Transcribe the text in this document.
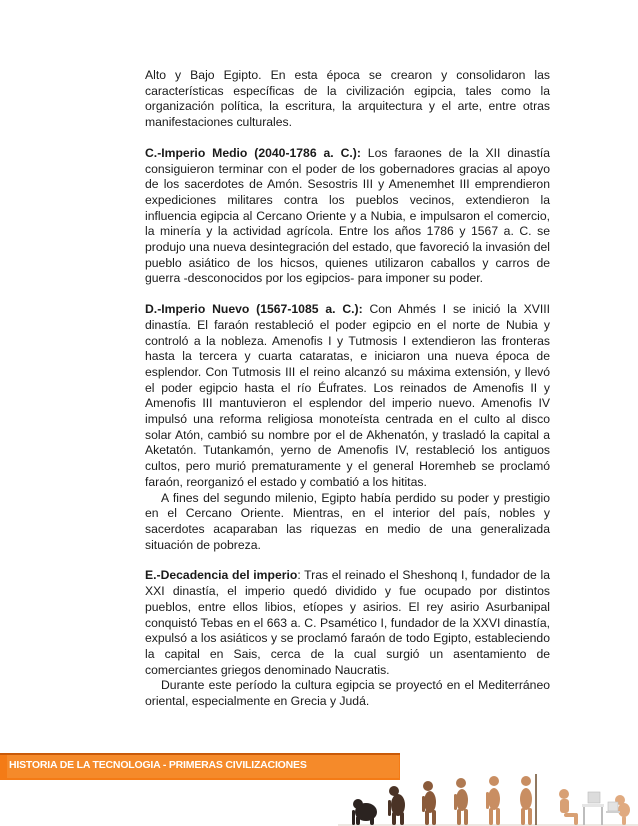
Alto y Bajo Egipto. En esta época se crearon y consolidaron las características específicas de la civilización egipcia, tales como la organización política, la escritura, la arquitectura y el arte, entre otras manifestaciones culturales.

C.-Imperio Medio (2040-1786 a. C.): Los faraones de la XII dinastía consiguieron terminar con el poder de los gobernadores gracias al apoyo de los sacerdotes de Amón. Sesostris III y Amenemhet III emprendieron expediciones militares contra los pueblos vecinos, extendieron la influencia egipcia al Cercano Oriente y a Nubia, e impulsaron el comercio, la minería y la actividad agrícola. Entre los años 1786 y 1567 a. C. se produjo una nueva desintegración del estado, que favoreció la invasión del pueblo asiático de los hicsos, quienes utilizaron caballos y carros de guerra -desconocidos por los egipcios- para imponer su poder.

D.-Imperio Nuevo (1567-1085 a. C.): Con Ahmés I se inició la XVIII dinastía. El faraón restableció el poder egipcio en el norte de Nubia y controló a la nobleza. Amenofis I y Tutmosis I extendieron las fronteras hasta la tercera y cuarta cataratas, e iniciaron una nueva época de esplendor. Con Tutmosis III el reino alcanzó su máxima extensión, y llevó el poder egipcio hasta el río Éufrates. Los reinados de Amenofis II y Amenofis III mantuvieron el esplendor del imperio nuevo. Amenofis IV impulsó una reforma religiosa monoteísta centrada en el culto al disco solar Atón, cambió su nombre por el de Akhenatón, y trasladó la capital a Aketatón. Tutankamón, yerno de Amenofis IV, restableció los antiguos cultos, pero murió prematuramente y el general Horemheb se proclamó faraón, reorganizó el estado y combatió a los hititas.

A fines del segundo milenio, Egipto había perdido su poder y prestigio en el Cercano Oriente. Mientras, en el interior del país, nobles y sacerdotes acaparaban las riquezas en medio de una generalizada situación de pobreza.

E.-Decadencia del imperio: Tras el reinado el Sheshonq I, fundador de la XXI dinastía, el imperio quedó dividido y fue ocupado por distintos pueblos, entre ellos libios, etíopes y asirios. El rey asirio Asurbanipal conquistó Tebas en el 663 a. C. Psamético I, fundador de la XXVI dinastía, expulsó a los asiáticos y se proclamó faraón de todo Egipto, estableciendo la capital en Sais, cerca de la cual surgió un asentamiento de comerciantes griegos denominado Naucratis.

Durante este período la cultura egipcia se proyectó en el Mediterráneo oriental, especialmente en Grecia y Judá.

HISTORIA DE LA TECNOLOGIA - PRIMERAS CIVILIZACIONES
